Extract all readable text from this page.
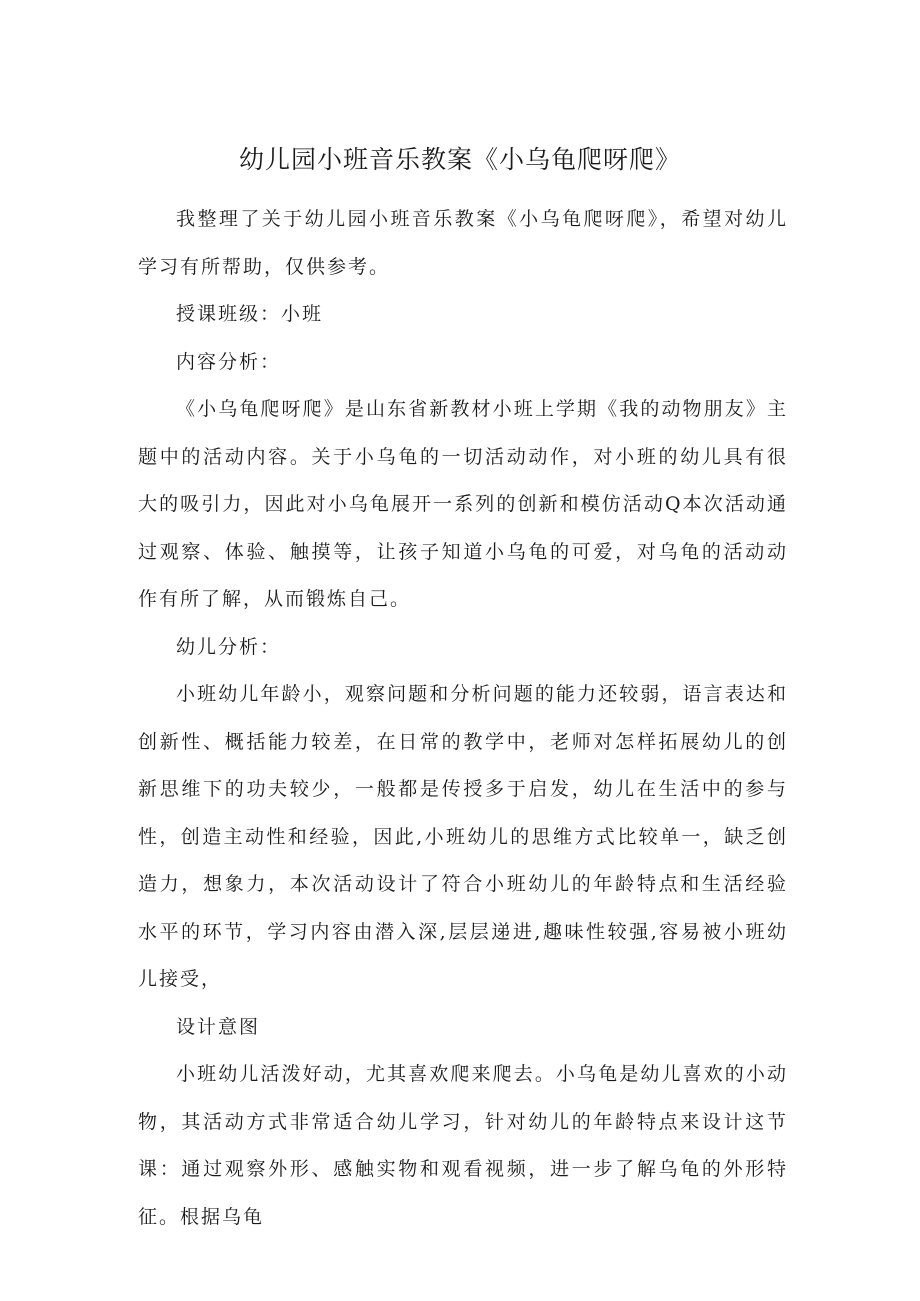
幼儿园小班音乐教案《小乌龟爬呀爬》

我整理了关于幼儿园小班音乐教案《小乌龟爬呀爬》，希望对幼儿学习有所帮助，仅供参考。

授课班级：小班

内容分析：

《小乌龟爬呀爬》是山东省新教材小班上学期《我的动物朋友》主题中的活动内容。关于小乌龟的一切活动动作，对小班的幼儿具有很大的吸引力，因此对小乌龟展开一系列的创新和模仿活动Q本次活动通过观察、体验、触摸等，让孩子知道小乌龟的可爱，对乌龟的活动动作有所了解，从而锻炼自己。

幼儿分析：

小班幼儿年龄小，观察问题和分析问题的能力还较弱，语言表达和创新性、概括能力较差，在日常的教学中，老师对怎样拓展幼儿的创新思维下的功夫较少，一般都是传授多于启发，幼儿在生活中的参与性，创造主动性和经验，因此,小班幼儿的思维方式比较单一，缺乏创造力，想象力，本次活动设计了符合小班幼儿的年龄特点和生活经验水平的环节，学习内容由潜入深,层层递进,趣味性较强,容易被小班幼儿接受，

设计意图

小班幼儿活泼好动，尤其喜欢爬来爬去。小乌龟是幼儿喜欢的小动物，其活动方式非常适合幼儿学习，针对幼儿的年龄特点来设计这节课：通过观察外形、感触实物和观看视频，进一步了解乌龟的外形特征。根据乌龟
